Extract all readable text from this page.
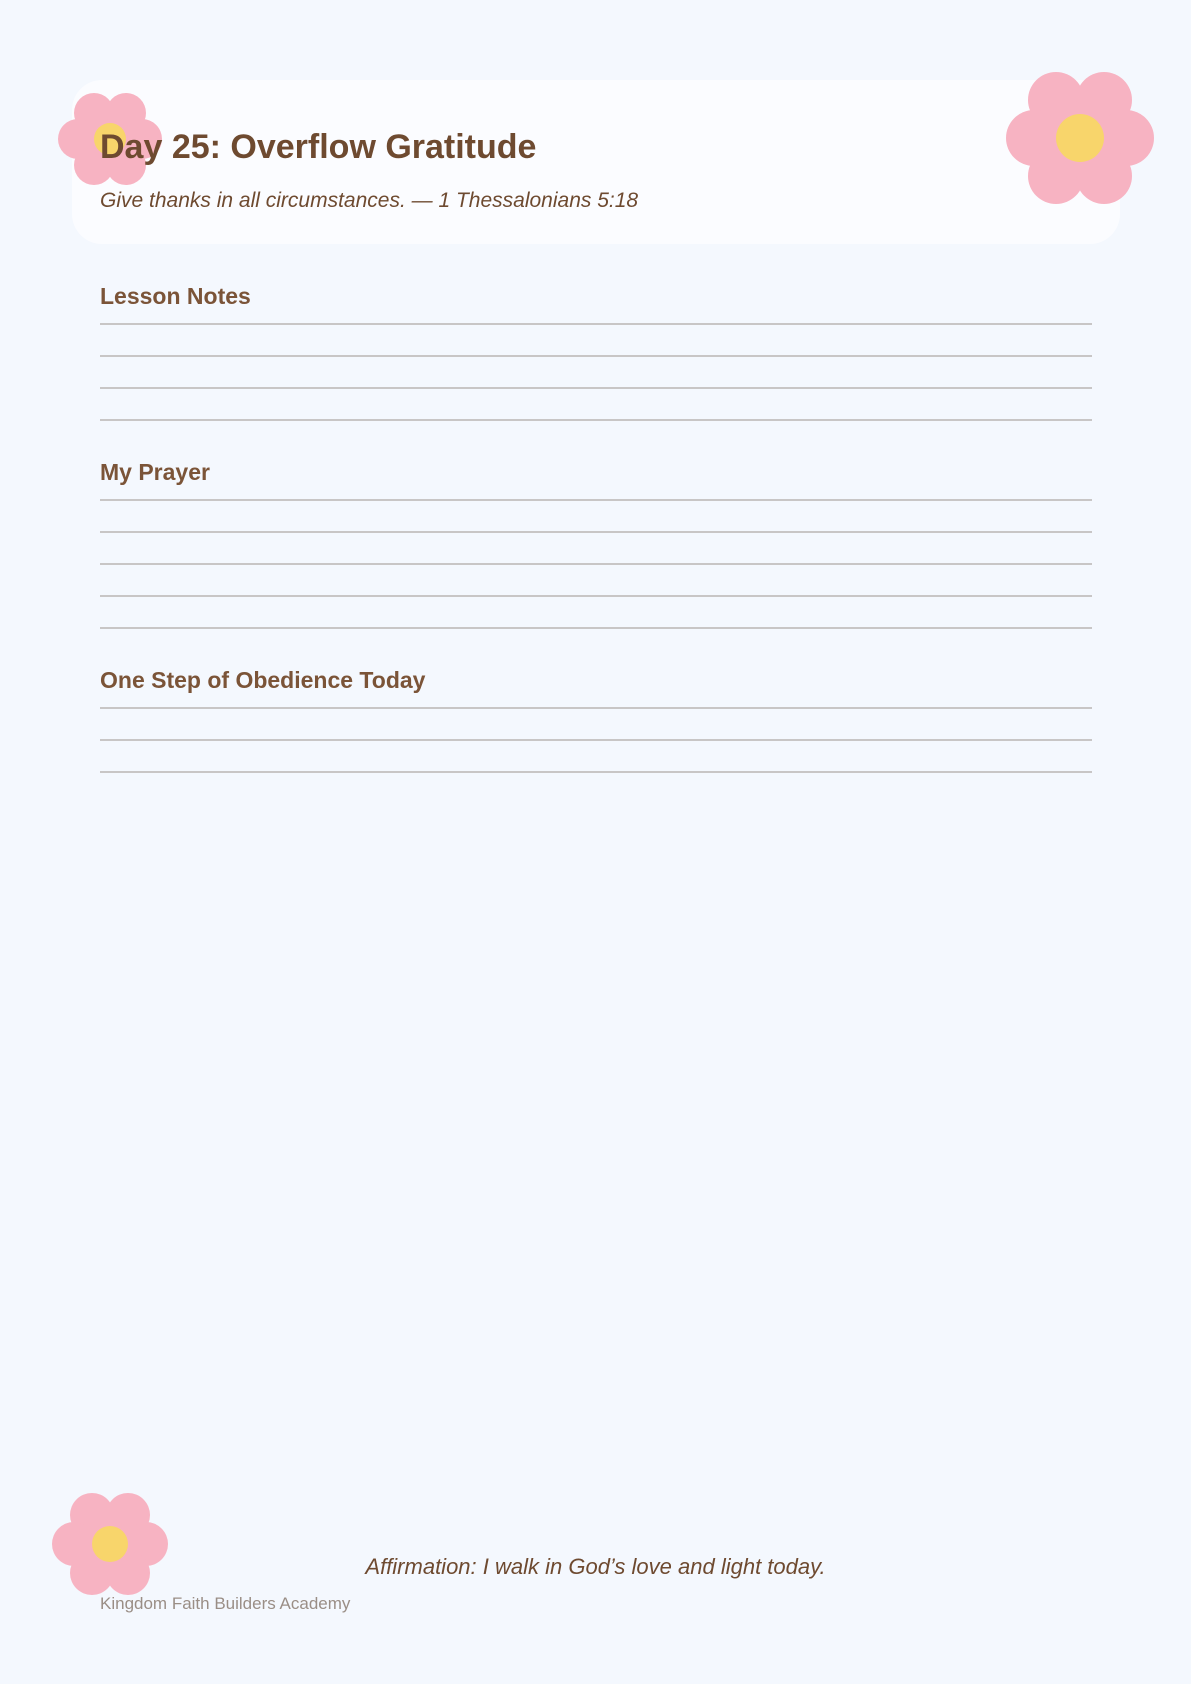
Day 25: Overflow Gratitude

Give thanks in all circumstances. — 1 Thessalonians 5:18

Lesson Notes
My Prayer
One Step of Obedience Today

Affirmation: I walk in God’s love and light today.

Kingdom Faith Builders Academy
